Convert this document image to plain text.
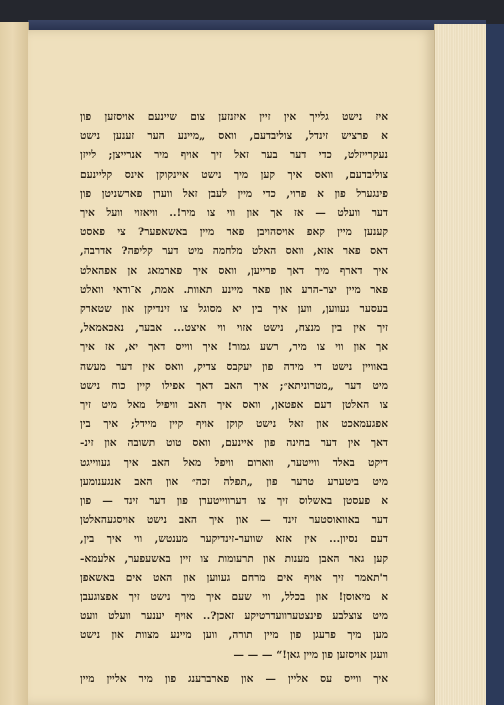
איז נישט גלייך אין זיין איזנזען צום שיינעם אויסזען פון
א פרציש זינדל, צוליבדעם, וואס „מיינע הער זענען נישט
נעקרייזלט, כדי דער בער זאל זיך אויף מיר אנרייצן; לייזן
צוליבדעם, וואס איך קען מיך נישט איינקוקן אינס קליינעם
פינגערל פון א פרוי, כדי מיין לעבן זאל ווערן פארשניטן פון
דער וועלט — אז אך און ווי צו מיר!.. וויאזוי וועל איך
קענען מיין קאפ אויסהויבן פאר מיין באשאפער? צי פאסט
דאס פאר אזא, וואס האלט מלחמה מיט דער קליפה? אדרבה,
איך דארף מיך דאך פרייען, וואס איך פארמאג אן אפהאלט
פאר מיין יצר-הרע און פאר מיינע תאוות. אמת, א־ודאי וואלט
בעסער געווען, ווען איך בין יא מסוגל צו זינדיקן און שטארק
זיך אין בין מנצח, נישט אזוי ווי איצט... אבער, נאכאמאל,
אך און ווי צו מיר, רשע גמור! איך ווייס דאך יא, אז איך
באוויין נישט די מידה פון יעקבס צדיק, וואס אין דער מעשה
מיט דער „מטרוניתא״; איך האב דאך אפילו קיין כוח נישט
צו האלטן דעם אפטאן, וואס איך האב וויפיל מאל מיט זיך
אפגעמאכט און זאל נישט קוקן אויף קיין מיידל; איך בין
דאך אין דער בחינה פון איינעם, וואס טוט תשובה און זינ-
דיקט באלד ווייטער, ווארום וויפל מאל האב איך געווייגט
מיט ביטערע טרער פון „תפלה זכה״ און האב אנגענומען
א פעסטן באשלוס זיך צו דערווייטערן פון דער זינד — פון
דער באוואוסטער זינד — און איך האב נישט אויסגעהאלטן
דעם נסיון... אין אזא שווער-זינדיקער מענטש, ווי איך בין,
קען גאר האבן מענות און תרעומות צו זיין באשעפער, אלעמא-
ר'תאמר זיך אויף אים מרחם געווען און האט אים באשאפן
א מיאוסן! און בכלל, ווי שעם איך מיך נישט זיך אפצוגעבן
מיט צוצלבע פינצטערוועדרטיקע זאכן?.. אויף יענער וועלט וועט
מען מיך פרעגן פון מיין תורה, ווען מיינע מצוות און נישט
וועגן אויסזען פון מיין גאן!“ — — —
איך ווייס עס אליין — און פארברענג פון מיר אליין מיין
